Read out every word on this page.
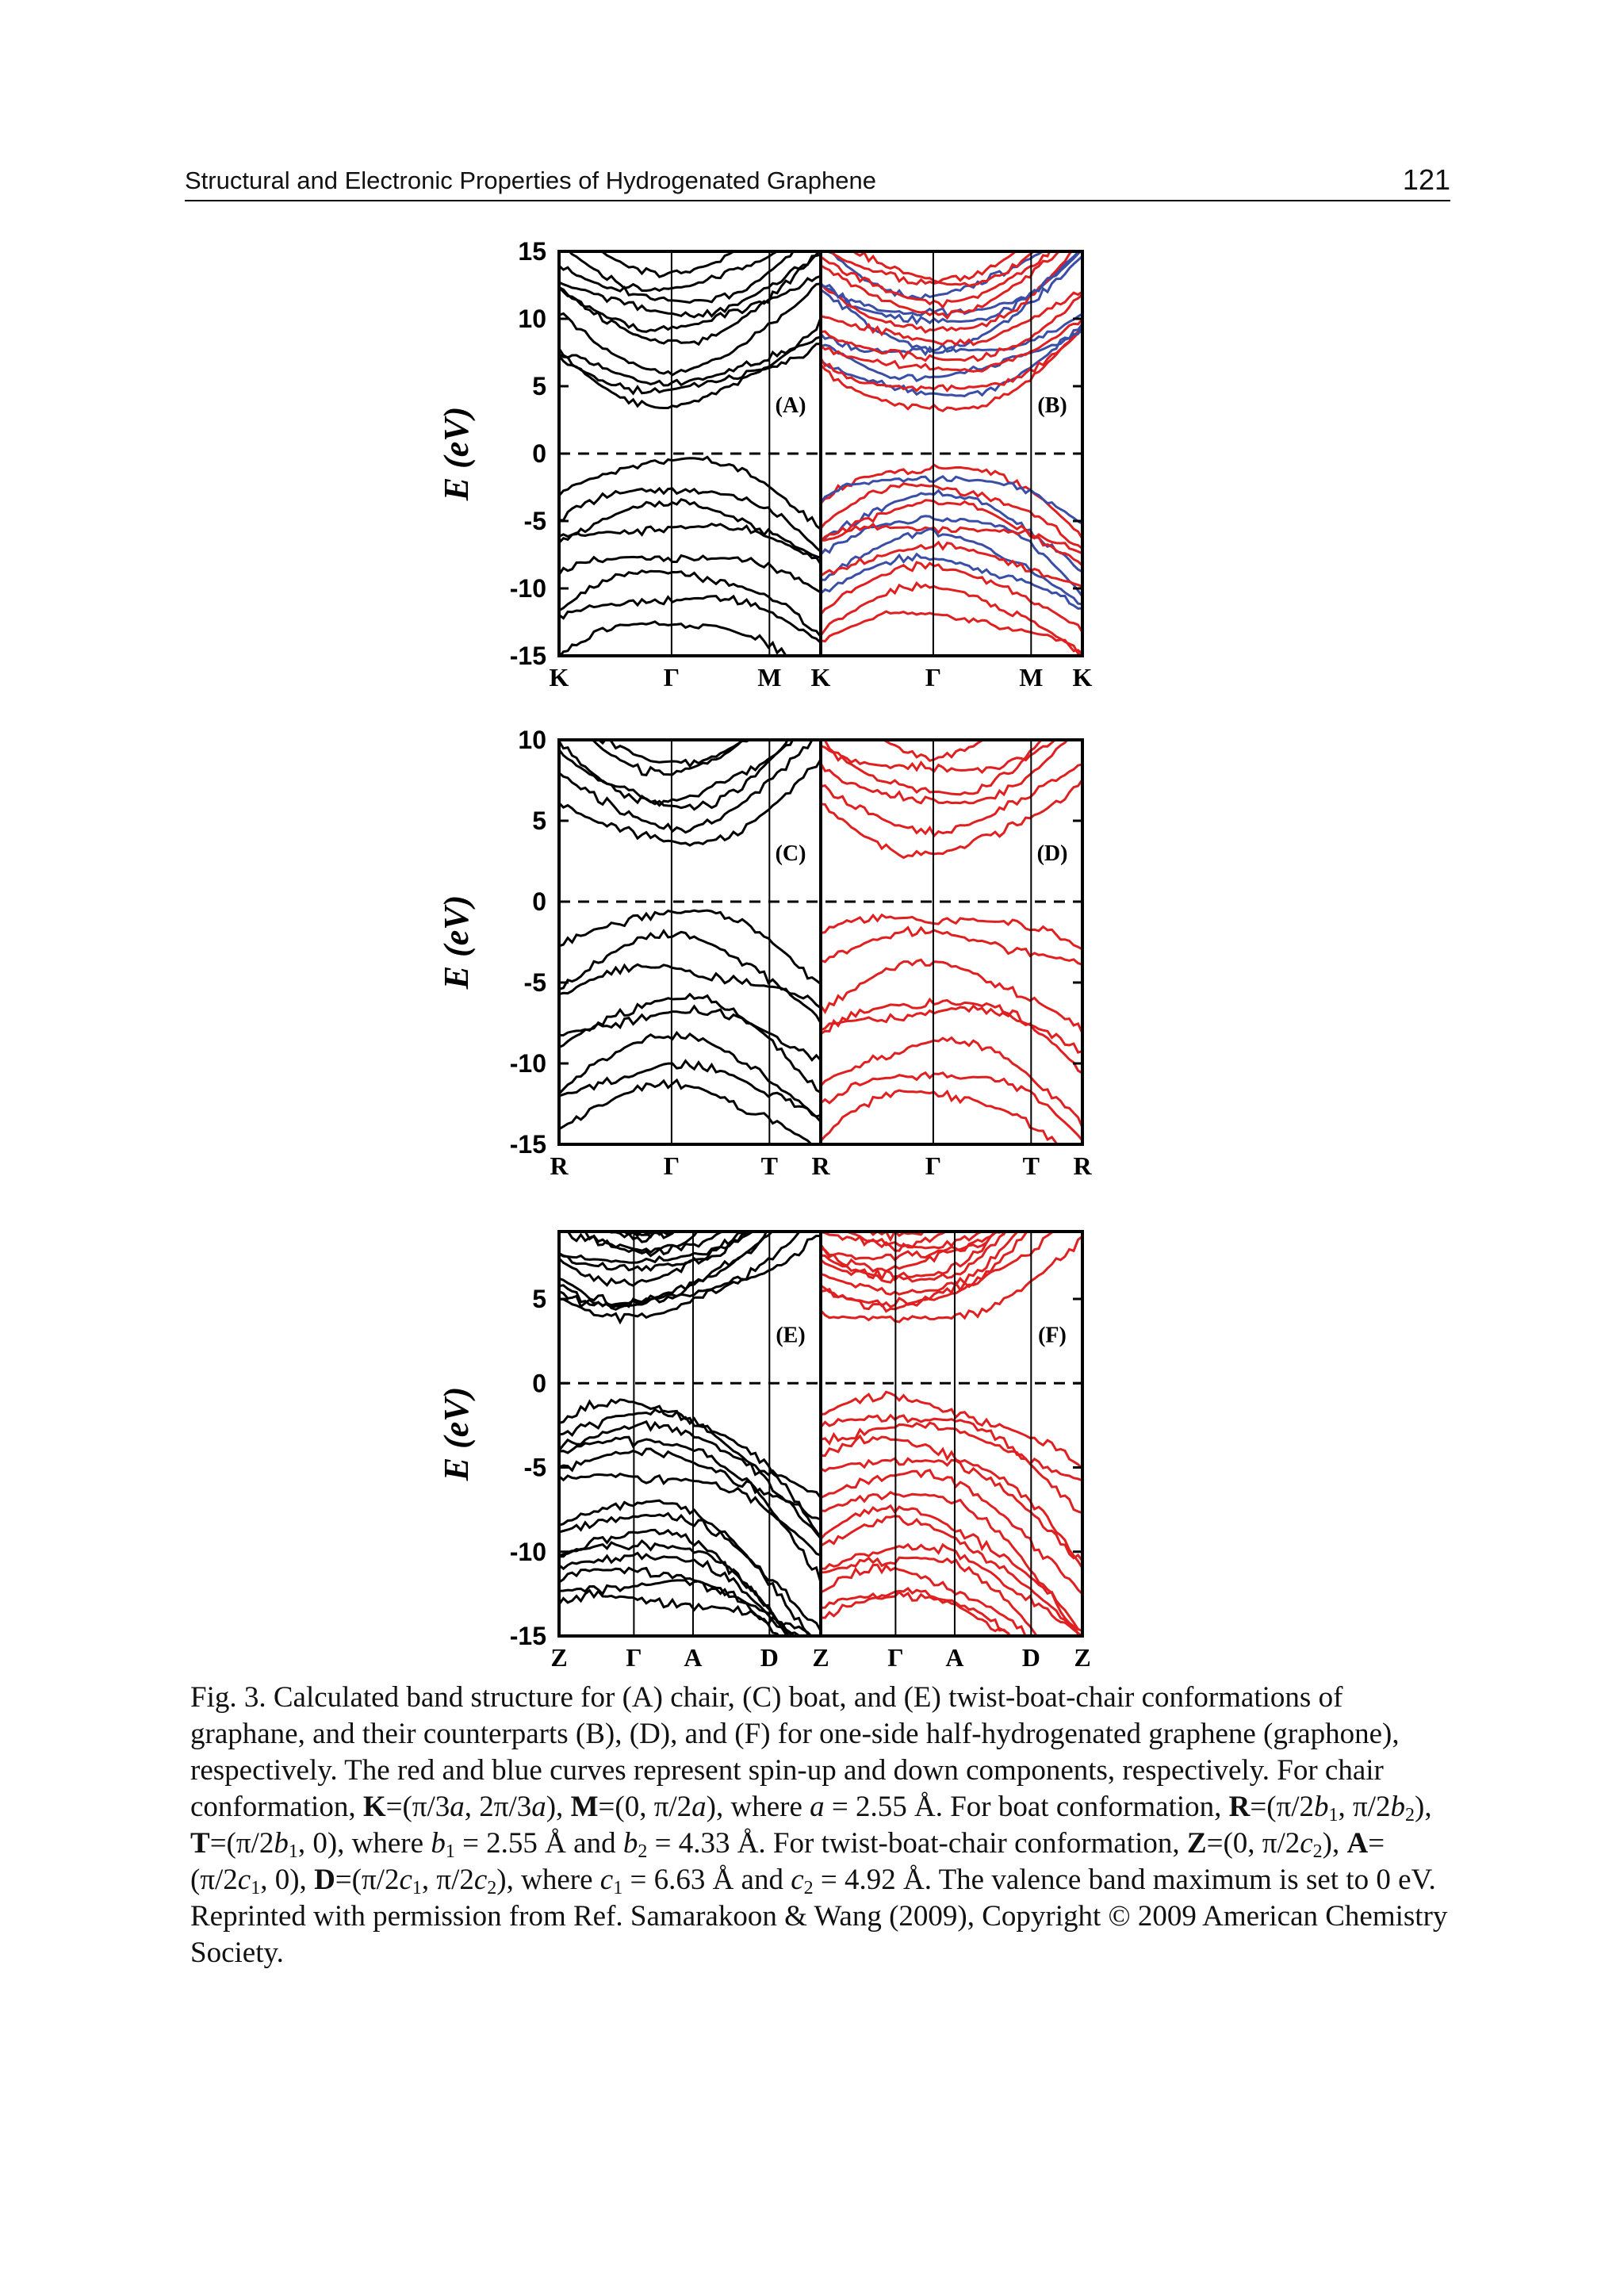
Structural and Electronic Properties of Hydrogenated Graphene	121
(A)	(B)
15
10
5
0
-5
-10
-15
K	Γ	M K	Γ	M K
E (eV)
(C)	(D)
10
5
0
-5
-10
-15
R	Γ	T R	Γ	T R
E (eV)
(E)	(F)
5
0
-5
-10
-15
Z Γ A D Z Γ A D Z
E (eV)

Fig. 3. Calculated band structure for (A) chair, (C) boat, and (E) twist-boat-chair conformations of graphane, and their counterparts (B), (D), and (F) for one-side half-hydrogenated graphene (graphone), respectively. The red and blue curves represent spin-up and down components, respectively. For chair conformation, K=(π/3a, 2π/3a), M=(0, π/2a), where a = 2.55 Å. For boat conformation, $R=(\pi/2b_1$, $\pi/2b_2$), $T=(\pi/2b_1$, 0), where $b_1 = 2.55$ Å and $b_2 = 4.33$ Å. For twist-boat-chair conformation, Z=(0, $\pi/2c_2$), $A=(\pi/2c_1$, 0), $D=(\pi/2c_1$, $\pi/2c_2$), where $c_1 = 6.63$ Å and $c_2 = 4.92$ Å. The valence band maximum is set to 0 eV. Reprinted with permission from Ref. Samarakoon & Wang (2009), Copyright © 2009 American Chemistry Society.
